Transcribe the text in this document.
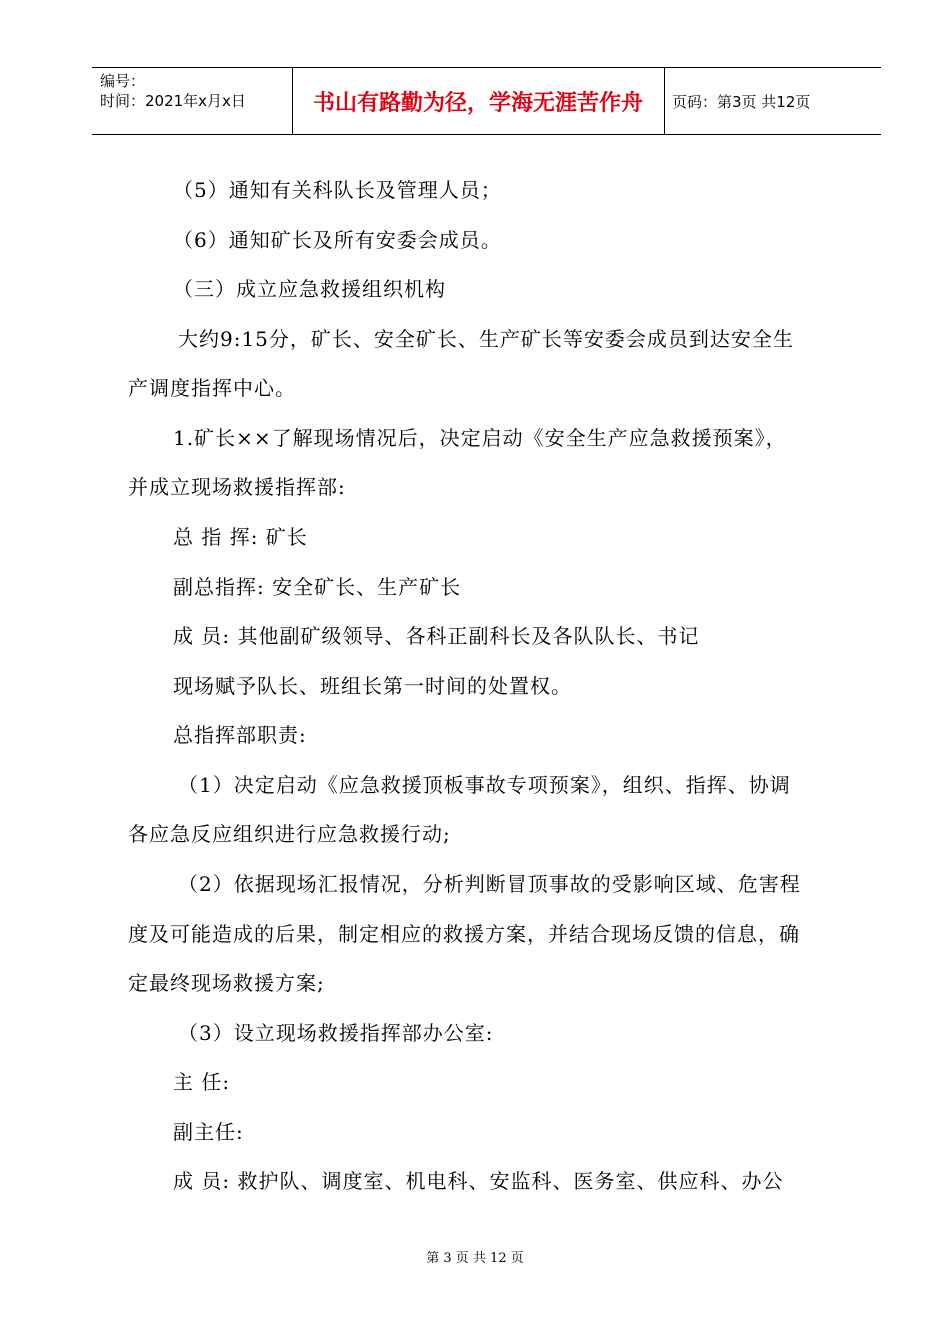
编号：
时间：2021年x月x日	书山有路勤为径，学海无涯苦作舟	页码：第3页 共12页
（5）通知有关科队长及管理人员；
（6）通知矿长及所有安委会成员。
（三）成立应急救援组织机构
大约9:15分，矿长、安全矿长、生产矿长等安委会成员到达安全生
产调度指挥中心。
1.矿长××了解现场情况后，决定启动《安全生产应急救援预案》，
并成立现场救援指挥部:
总 指 挥: 矿长
副总指挥: 安全矿长、生产矿长
成 员: 其他副矿级领导、各科正副科长及各队队长、书记
现场赋予队长、班组长第一时间的处置权。
总指挥部职责:
（1）决定启动《应急救援顶板事故专项预案》，组织、指挥、协调
各应急反应组织进行应急救援行动;
（2）依据现场汇报情况，分析判断冒顶事故的受影响区域、危害程
度及可能造成的后果，制定相应的救援方案，并结合现场反馈的信息，确
定最终现场救援方案;
（3）设立现场救援指挥部办公室:
主 任:
副主任:
成 员: 救护队、调度室、机电科、安监科、医务室、供应科、办公
第 3 页 共 12 页
